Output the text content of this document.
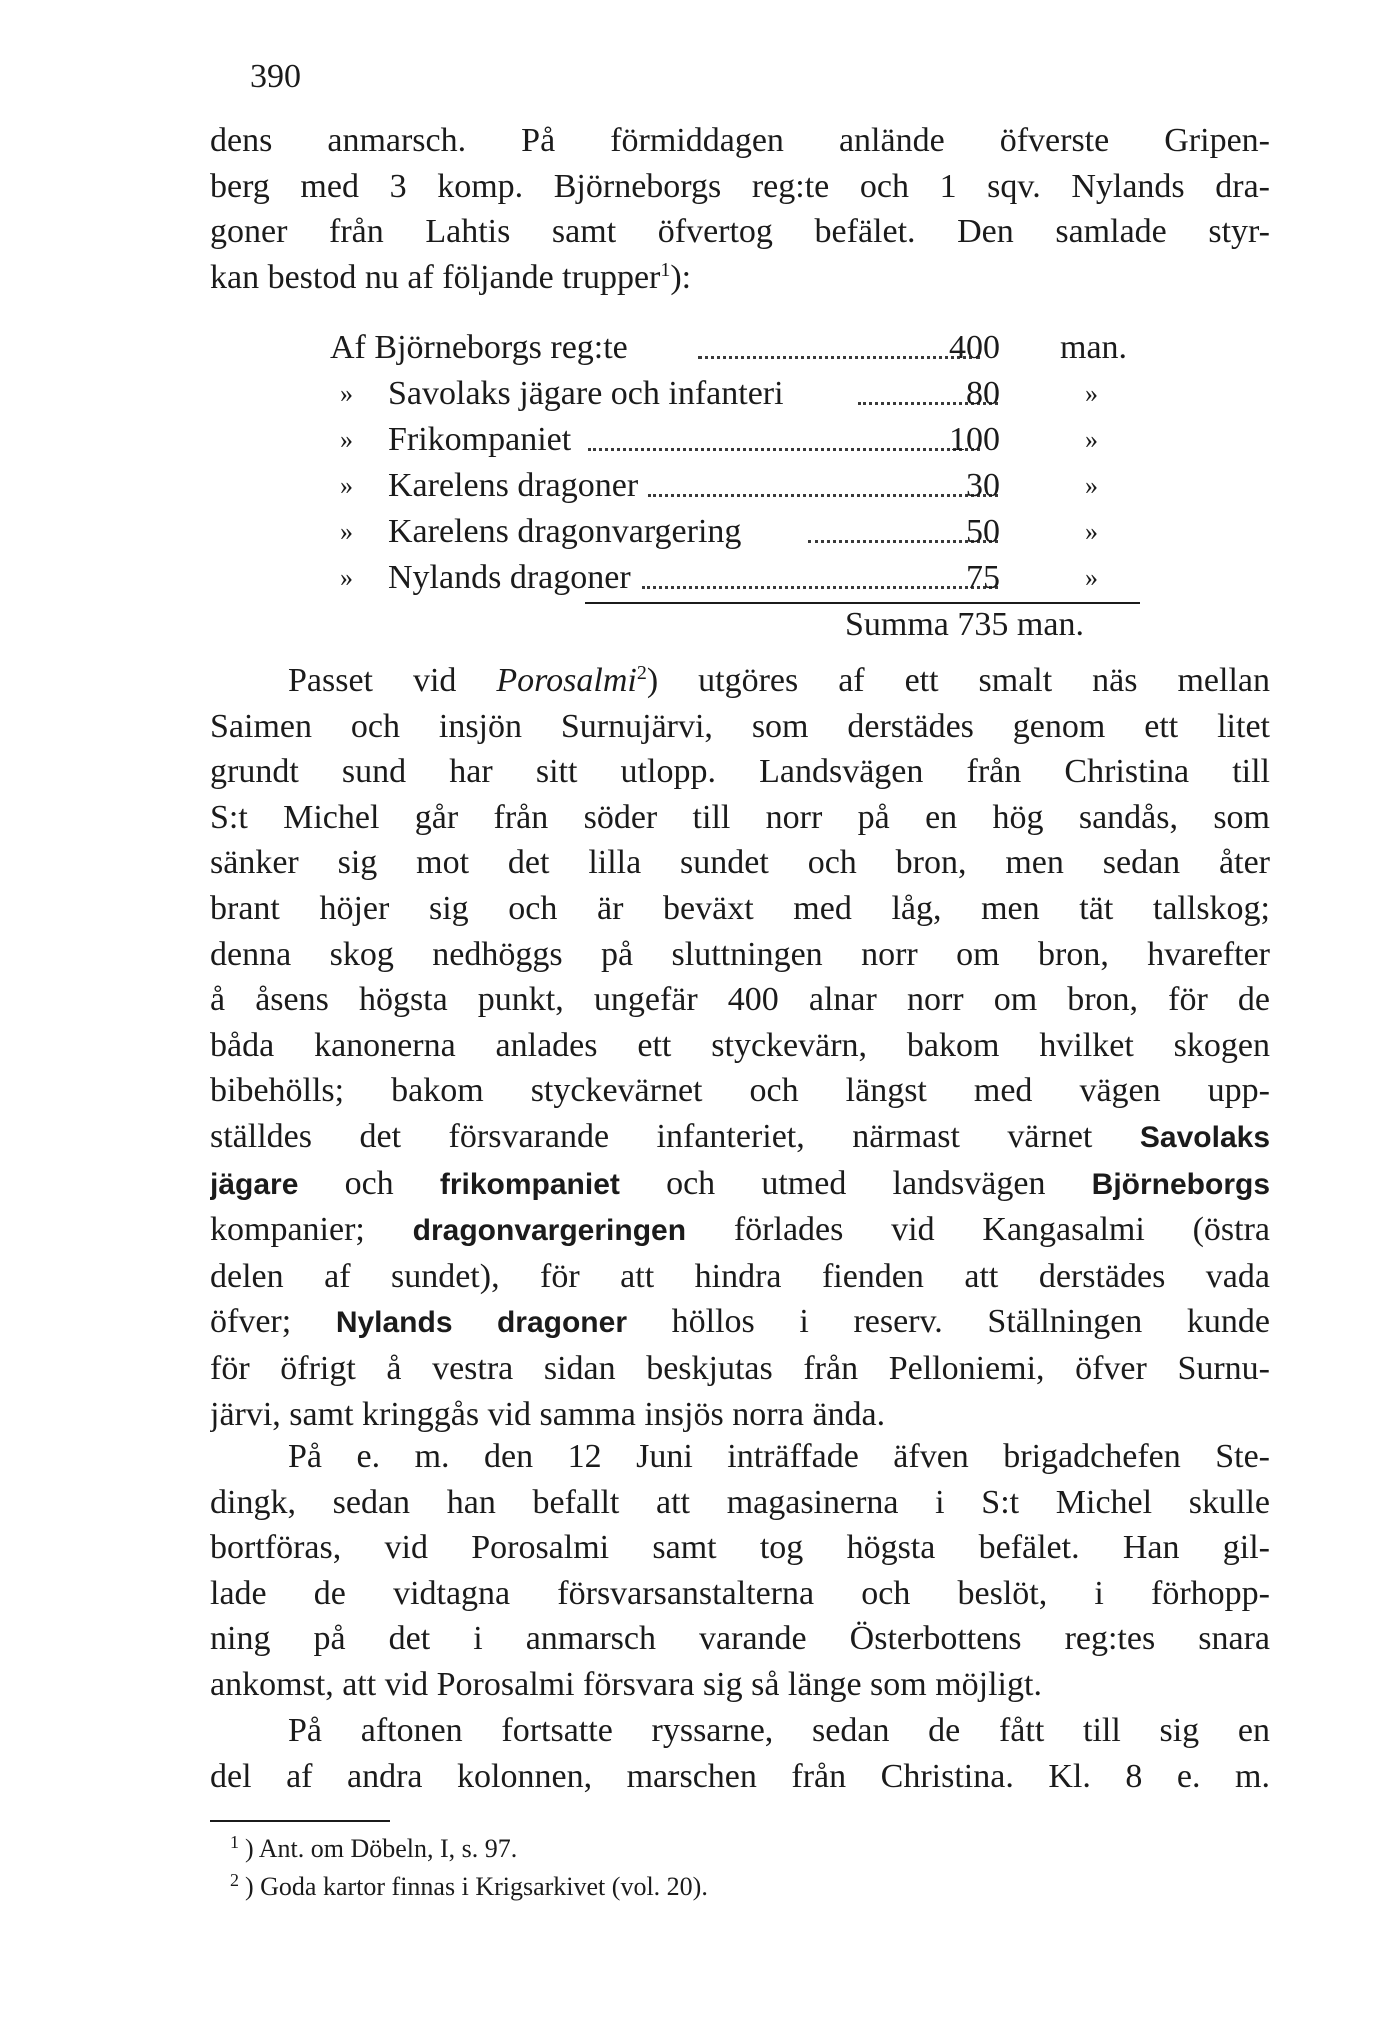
390
dens anmarsch. På förmiddagen anlände öfverste Gripen-
berg med 3 komp. Björneborgs reg:te och 1 sqv. Nylands dra-
goner från Lahtis samt öfvertog befälet. Den samlade styr-
kan bestod nu af följande trupper$^1$):
Af Björneborgs reg:te	400 man.
» Savolaks jägare och infanteri	80	»
» Frikompaniet	100	»
» Karelens dragoner	30	»
» Karelens dragonvargering	50	»
» Nylands dragoner	75	»
Summa 735 man.
Passet vid Porosalmi$^2$) utgöres af ett smalt näs mellan
Saimen och insjön Surnujärvi, som derstädes genom ett litet
grundt sund har sitt utlopp. Landsvägen från Christina till
S:t Michel går från söder till norr på en hög sandås, som
sänker sig mot det lilla sundet och bron, men sedan åter
brant höjer sig och är beväxt med låg, men tät tallskog;
denna skog nedhöggs på sluttningen norr om bron, hvarefter
å åsens högsta punkt, ungefär 400 alnar norr om bron, för de
båda kanonerna anlades ett styckevärn, bakom hvilket skogen
bibehölls; bakom styckevärnet och längst med vägen upp-
ställdes det försvarande infanteriet, närmast värnet Savolaks
jägare och frikompaniet och utmed landsvägen Björneborgs
kompanier; dragonvargeringen förlades vid Kangasalmi (östra
delen af sundet), för att hindra fienden att derstädes vada
öfver; Nylands dragoner höllos i reserv. Ställningen kunde
för öfrigt å vestra sidan beskjutas från Pelloniemi, öfver Surnu-
järvi, samt kringgås vid samma insjös norra ända.
På e. m. den 12 Juni inträffade äfven brigadchefen Ste-
dingk, sedan han befallt att magasinerna i S:t Michel skulle
bortföras, vid Porosalmi samt tog högsta befälet. Han gil-
lade de vidtagna försvarsanstalterna och beslöt, i förhopp-
ning på det i anmarsch varande Österbottens reg:tes snara
ankomst, att vid Porosalmi försvara sig så länge som möjligt.
På aftonen fortsatte ryssarne, sedan de fått till sig en
del af andra kolonnen, marschen från Christina. Kl. 8 e. m.
$^1$ ) Ant. om Döbeln, I, s. 97.
$^2$ ) Goda kartor finnas i Krigsarkivet (vol. 20).
